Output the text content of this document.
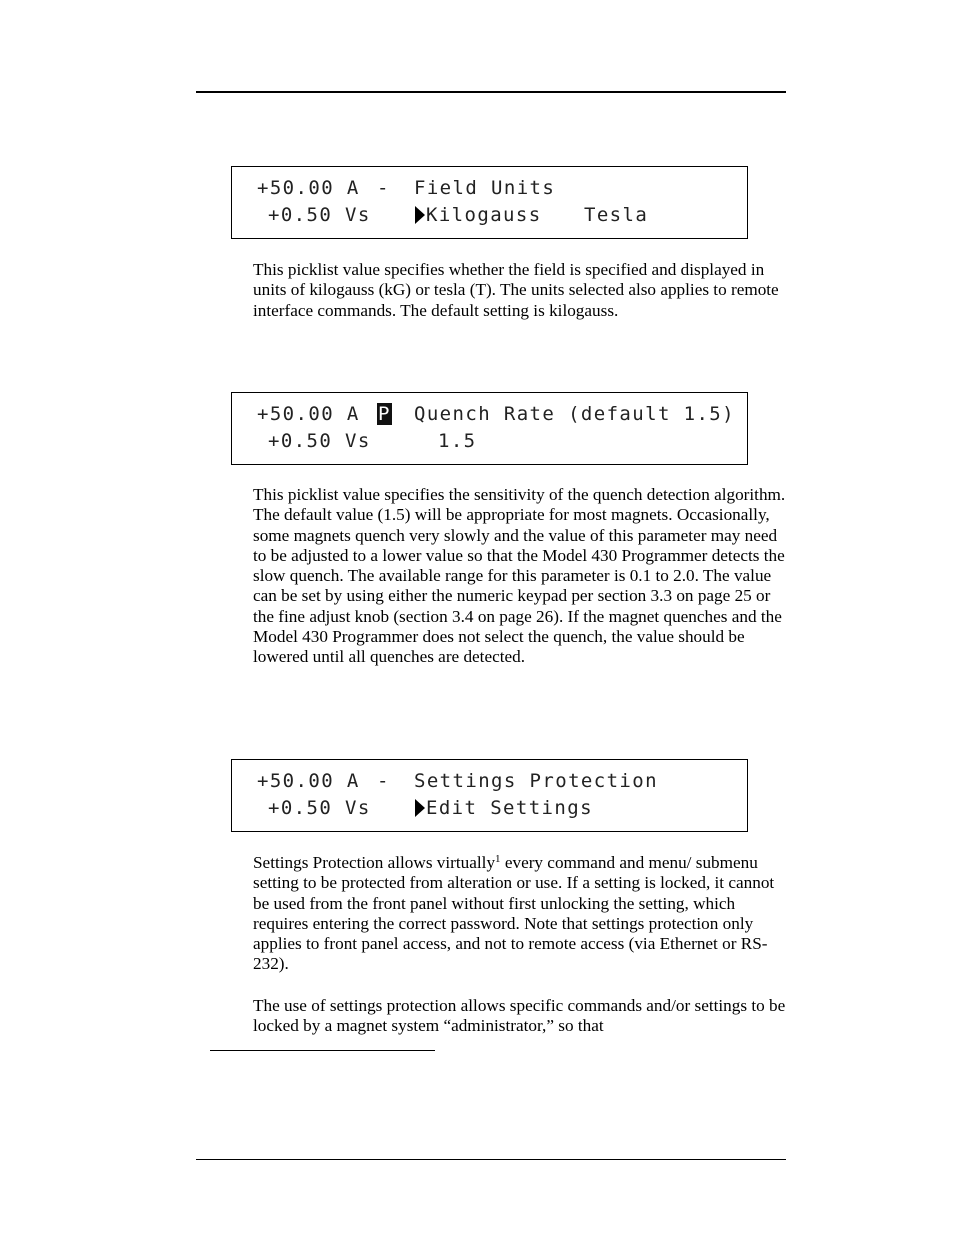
+50.00 A - Field Units
+0.50 Vs	Kilogauss Tesla

This picklist value specifies whether the field is specified and displayed in units of kilogauss (kG) or tesla (T). The units selected also applies to remote interface commands. The default setting is kilogauss.

+50.00 A P Quench Rate (default 1.5)
+0.50 Vs	1.5

This picklist value specifies the sensitivity of the quench detection algorithm. The default value (1.5) will be appropriate for most magnets. Occasionally, some magnets quench very slowly and the value of this parameter may need to be adjusted to a lower value so that the Model 430 Programmer detects the slow quench. The available range for this parameter is 0.1 to 2.0. The value can be set by using either the numeric keypad per section 3.3 on page 25 or the fine adjust knob (section 3.4 on page 26). If the magnet quenches and the Model 430 Programmer does not select the quench, the value should be lowered until all quenches are detected.

+50.00 A - Settings Protection
+0.50 Vs	Edit Settings

Settings Protection allows virtually$^1$ every command and menu/ submenu setting to be protected from alteration or use. If a setting is locked, it cannot be used from the front panel without first unlocking the setting, which requires entering the correct password. Note that settings protection only applies to front panel access, and not to remote access (via Ethernet or RS-232).

The use of settings protection allows specific commands and/or settings to be locked by a magnet system “administrator,” so that
